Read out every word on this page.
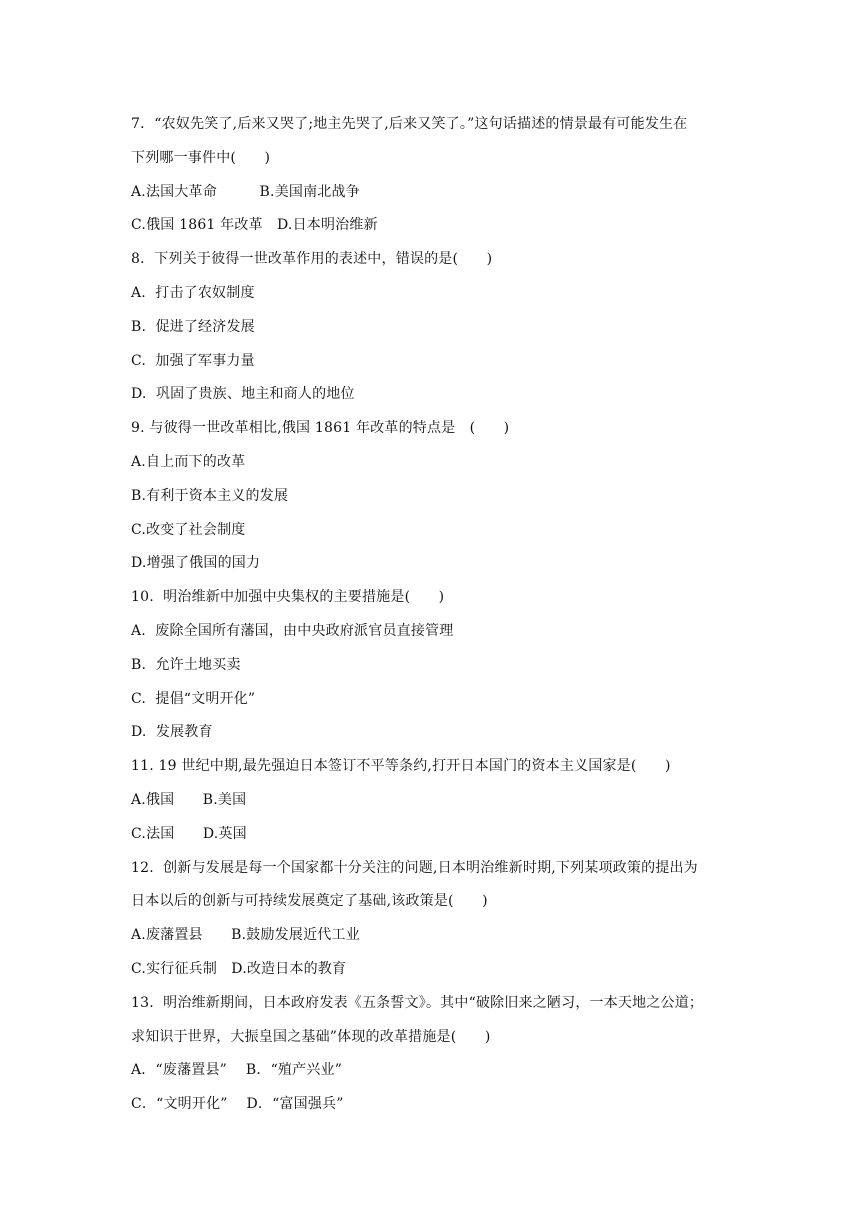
7．“农奴先笑了,后来又哭了;地主先哭了,后来又笑了。”这句话描述的情景最有可能发生在
下列哪一事件中(　　)
A.法国大革命　　　B.美国南北战争
C.俄国 1861 年改革　D.日本明治维新
8．下列关于彼得一世改革作用的表述中，错误的是(　　)
A.  打击了农奴制度
B.  促进了经济发展
C.  加强了军事力量
D.  巩固了贵族、地主和商人的地位
9. 与彼得一世改革相比,俄国 1861 年改革的特点是　(　　)
A.自上而下的改革
B.有利于资本主义的发展
C.改变了社会制度
D.增强了俄国的国力
10.  明治维新中加强中央集权的主要措施是(　　)
A.  废除全国所有藩国，由中央政府派官员直接管理
B.  允许土地买卖
C.  提倡“文明开化”
D.  发展教育
11. 19 世纪中期,最先强迫日本签订不平等条约,打开日本国门的资本主义国家是(　　)
A.俄国　　B.美国
C.法国　　D.英国
12.  创新与发展是每一个国家都十分关注的问题,日本明治维新时期,下列某项政策的提出为
日本以后的创新与可持续发展奠定了基础,该政策是(　　)
A.废藩置县　　B.鼓励发展近代工业
C.实行征兵制　D.改造日本的教育
13.  明治维新期间，日本政府发表《五条誓文》。其中“破除旧来之陋习，一本天地之公道；
求知识于世界，大振皇国之基础”体现的改革措施是(　　)
A．“废藩置县”　 B．“殖产兴业”
C．“文明开化”　 D．“富国强兵”
